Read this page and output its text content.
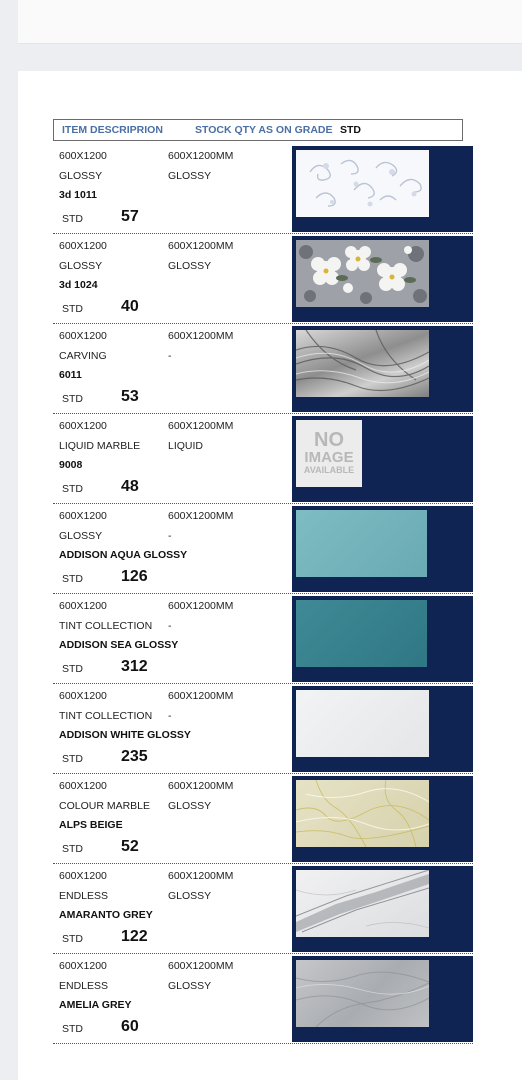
ITEM DESCRIPRION	STOCK QTY AS ON GRADE STD
600X1200
GLOSSY
600X1200MM
GLOSSY
3d 1011
STD 57
600X1200
GLOSSY
600X1200MM
GLOSSY
3d 1024
STD 40
600X1200
CARVING
600X1200MM
-
6011
STD 53
600X1200
LIQUID MARBLE
600X1200MM
LIQUID
9008
STD 48
NO
IMAGE
AVAILABLE
600X1200
GLOSSY
600X1200MM
-
ADDISON AQUA GLOSSY
STD 126
600X1200
TINT COLLECTION
600X1200MM
-
ADDISON SEA GLOSSY
STD 312
600X1200
TINT COLLECTION
600X1200MM
-
ADDISON WHITE GLOSSY
STD 235
600X1200
COLOUR MARBLE
600X1200MM
GLOSSY
ALPS BEIGE
STD 52
600X1200
ENDLESS
600X1200MM
GLOSSY
AMARANTO GREY
STD 122
600X1200
ENDLESS
600X1200MM
GLOSSY
AMELIA GREY
STD 60
